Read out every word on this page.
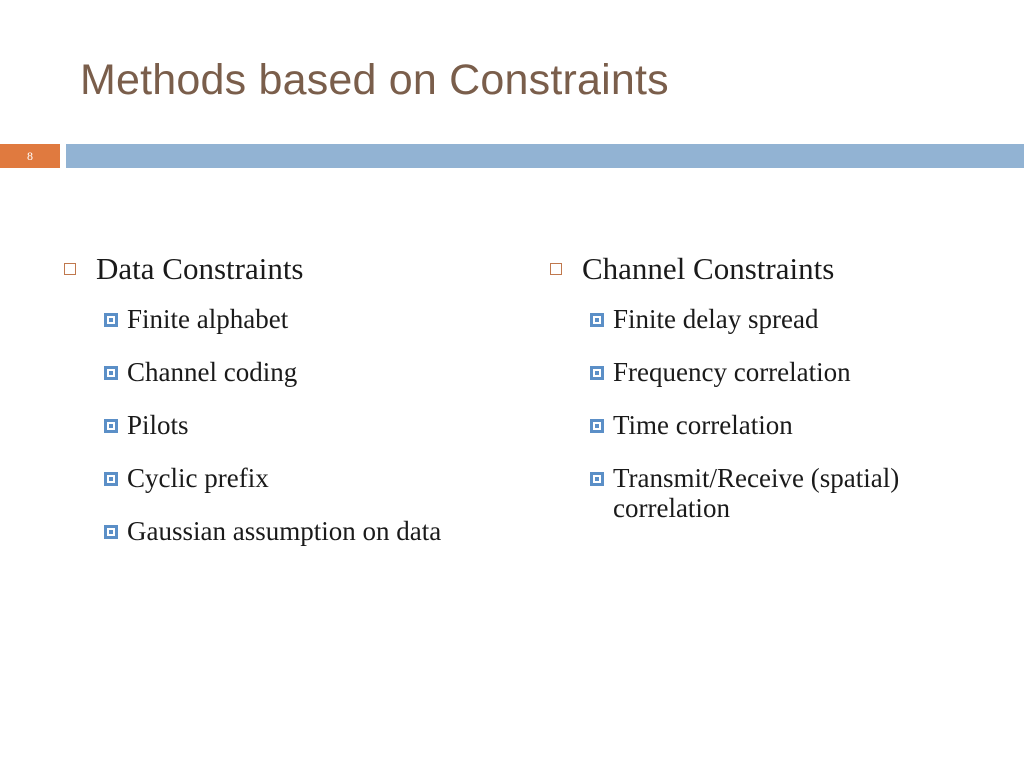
Methods based on Constraints
8
Data Constraints
Finite alphabet
Channel coding
Pilots
Cyclic prefix
Gaussian assumption on data
Channel Constraints
Finite delay spread
Frequency correlation
Time correlation
Transmit/Receive (spatial) correlation
